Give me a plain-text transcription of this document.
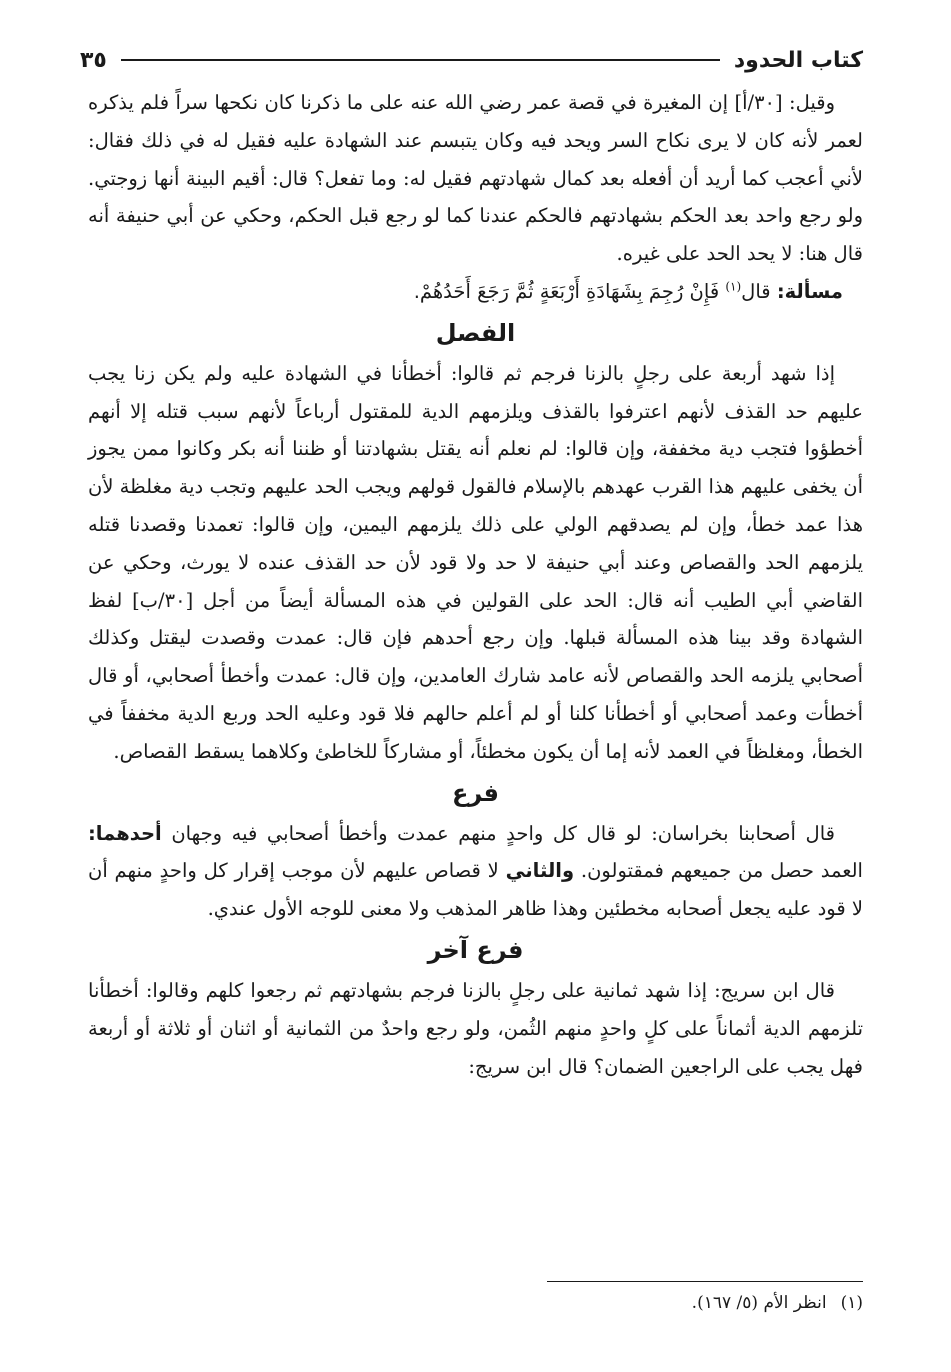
كتاب الحدود
٣٥

وقيل: [٣٠/أ] إن المغيرة في قصة عمر رضي الله عنه على ما ذكرنا كان نكحها سراً فلم يذكره لعمر لأنه كان لا يرى نكاح السر ويحد فيه وكان يتبسم عند الشهادة عليه فقيل له في ذلك فقال: لأني أعجب كما أريد أن أفعله بعد كمال شهادتهم فقيل له: وما تفعل؟ قال: أقيم البينة أنها زوجتي. ولو رجع واحد بعد الحكم بشهادتهم فالحكم عندنا كما لو رجع قبل الحكم، وحكي عن أبي حنيفة أنه قال هنا: لا يحد الحد على غيره.

مسألة: قال$^{(١)}$ فَإِنْ رُجِمَ بِشَهَادَةِ أَرْبَعَةٍ ثُمَّ رَجَعَ أَحَدُهُمْ.

الفصل

إذا شهد أربعة على رجلٍ بالزنا فرجم ثم قالوا: أخطأنا في الشهادة عليه ولم يكن زنا يجب عليهم حد القذف لأنهم اعترفوا بالقذف ويلزمهم الدية للمقتول أرباعاً لأنهم سبب قتله إلا أنهم أخطؤوا فتجب دية مخففة، وإن قالوا: لم نعلم أنه يقتل بشهادتنا أو ظننا أنه بكر وكانوا ممن يجوز أن يخفى عليهم هذا القرب عهدهم بالإسلام فالقول قولهم ويجب الحد عليهم وتجب دية مغلظة لأن هذا عمد خطأ، وإن لم يصدقهم الولي على ذلك يلزمهم اليمين، وإن قالوا: تعمدنا وقصدنا قتله يلزمهم الحد والقصاص وعند أبي حنيفة لا حد ولا قود لأن حد القذف عنده لا يورث، وحكي عن القاضي أبي الطيب أنه قال: الحد على القولين في هذه المسألة أيضاً من أجل [٣٠/ب] لفظ الشهادة وقد بينا هذه المسألة قبلها. وإن رجع أحدهم فإن قال: عمدت وقصدت ليقتل وكذلك أصحابي يلزمه الحد والقصاص لأنه عامد شارك العامدين، وإن قال: عمدت وأخطأ أصحابي، أو قال أخطأت وعمد أصحابي أو أخطأنا كلنا أو لم أعلم حالهم فلا قود وعليه الحد وربع الدية مخففاً في الخطأ، ومغلظاً في العمد لأنه إما أن يكون مخطئاً، أو مشاركاً للخاطئ وكلاهما يسقط القصاص.

فرع

قال أصحابنا بخراسان: لو قال كل واحدٍ منهم عمدت وأخطأ أصحابي فيه وجهان أحدهما: العمد حصل من جميعهم فمقتولون. والثاني لا قصاص عليهم لأن موجب إقرار كل واحدٍ منهم أن لا قود عليه يجعل أصحابه مخطئين وهذا ظاهر المذهب ولا معنى للوجه الأول عندي.

فرع آخر

قال ابن سريج: إذا شهد ثمانية على رجلٍ بالزنا فرجم بشهادتهم ثم رجعوا كلهم وقالوا: أخطأنا تلزمهم الدية أثماناً على كلٍ واحدٍ منهم الثُمن، ولو رجع واحدٌ من الثمانية أو اثنان أو ثلاثة أو أربعة فهل يجب على الراجعين الضمان؟ قال ابن سريج:

(١)انظر الأم (٥/ ١٦٧).
